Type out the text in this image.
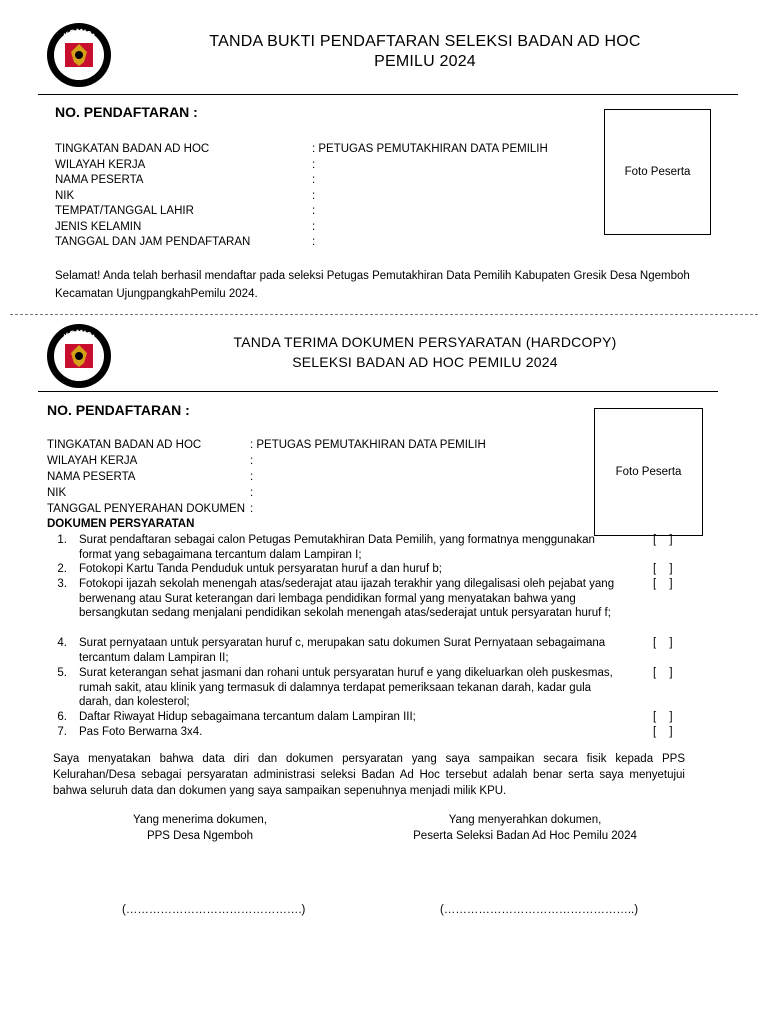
KOMISI
PEMILIHAN UMUM
TANDA BUKTI PENDAFTARAN SELEKSI BADAN AD HOC
PEMILU 2024
NO. PENDAFTARAN :
TINGKATAN BADAN AD HOC	: PETUGAS PEMUTAKHIRAN DATA PEMILIH
WILAYAH KERJA	:
NAMA PESERTA	:
NIK	:
TEMPAT/TANGGAL LAHIR	:
JENIS KELAMIN	:
TANGGAL DAN JAM PENDAFTARAN	:
Foto Peserta
Selamat! Anda telah berhasil mendaftar pada seleksi Petugas Pemutakhiran Data Pemilih Kabupaten Gresik Desa Ngemboh
Kecamatan UjungpangkahPemilu 2024.
KOMISI
PEMILIHAN UMUM
TANDA TERIMA DOKUMEN PERSYARATAN (HARDCOPY)
SELEKSI BADAN AD HOC PEMILU 2024
NO. PENDAFTARAN :
TINGKATAN BADAN AD HOC	: PETUGAS PEMUTAKHIRAN DATA PEMILIH
WILAYAH KERJA	:
NAMA PESERTA	:
NIK	:
TANGGAL PENYERAHAN DOKUMEN :
Foto Peserta
DOKUMEN PERSYARATAN
1. Surat pendaftaran sebagai calon Petugas Pemutakhiran Data Pemilih, yang formatnya menggunakan format yang sebagaimana tercantum dalam Lampiran I;
[ ]
2. Fotokopi Kartu Tanda Penduduk untuk persyaratan huruf a dan huruf b;	[ ]
3. Fotokopi ijazah sekolah menengah atas/sederajat atau ijazah terakhir yang dilegalisasi oleh pejabat yang berwenang atau Surat keterangan dari lembaga pendidikan formal yang menyatakan bahwa yang bersangkutan sedang menjalani pendidikan sekolah menengah atas/sederajat untuk persyaratan huruf f;
[ ]
4. Surat pernyataan untuk persyaratan huruf c, merupakan satu dokumen Surat Pernyataan sebagaimana tercantum dalam Lampiran II;
[ ]
5. Surat keterangan sehat jasmani dan rohani untuk persyaratan huruf e yang dikeluarkan oleh puskesmas, rumah sakit, atau klinik yang termasuk di dalamnya terdapat pemeriksaan tekanan darah, kadar gula darah, dan kolesterol;
[ ]
6. Daftar Riwayat Hidup sebagaimana tercantum dalam Lampiran III;	[ ]
7. Pas Foto Berwarna 3x4.	[ ]
Saya menyatakan bahwa data diri dan dokumen persyaratan yang saya sampaikan secara fisik kepada PPS Kelurahan/Desa sebagai persyaratan administrasi seleksi Badan Ad Hoc tersebut adalah benar serta saya menyetujui bahwa seluruh data dan dokumen yang saya sampaikan sepenuhnya menjadi milik KPU.
Yang menerima dokumen,
PPS Desa Ngemboh
Yang menyerahkan dokumen,
Peserta Seleksi Badan Ad Hoc Pemilu 2024
(……………………………………….)	(…………………………………………..)
